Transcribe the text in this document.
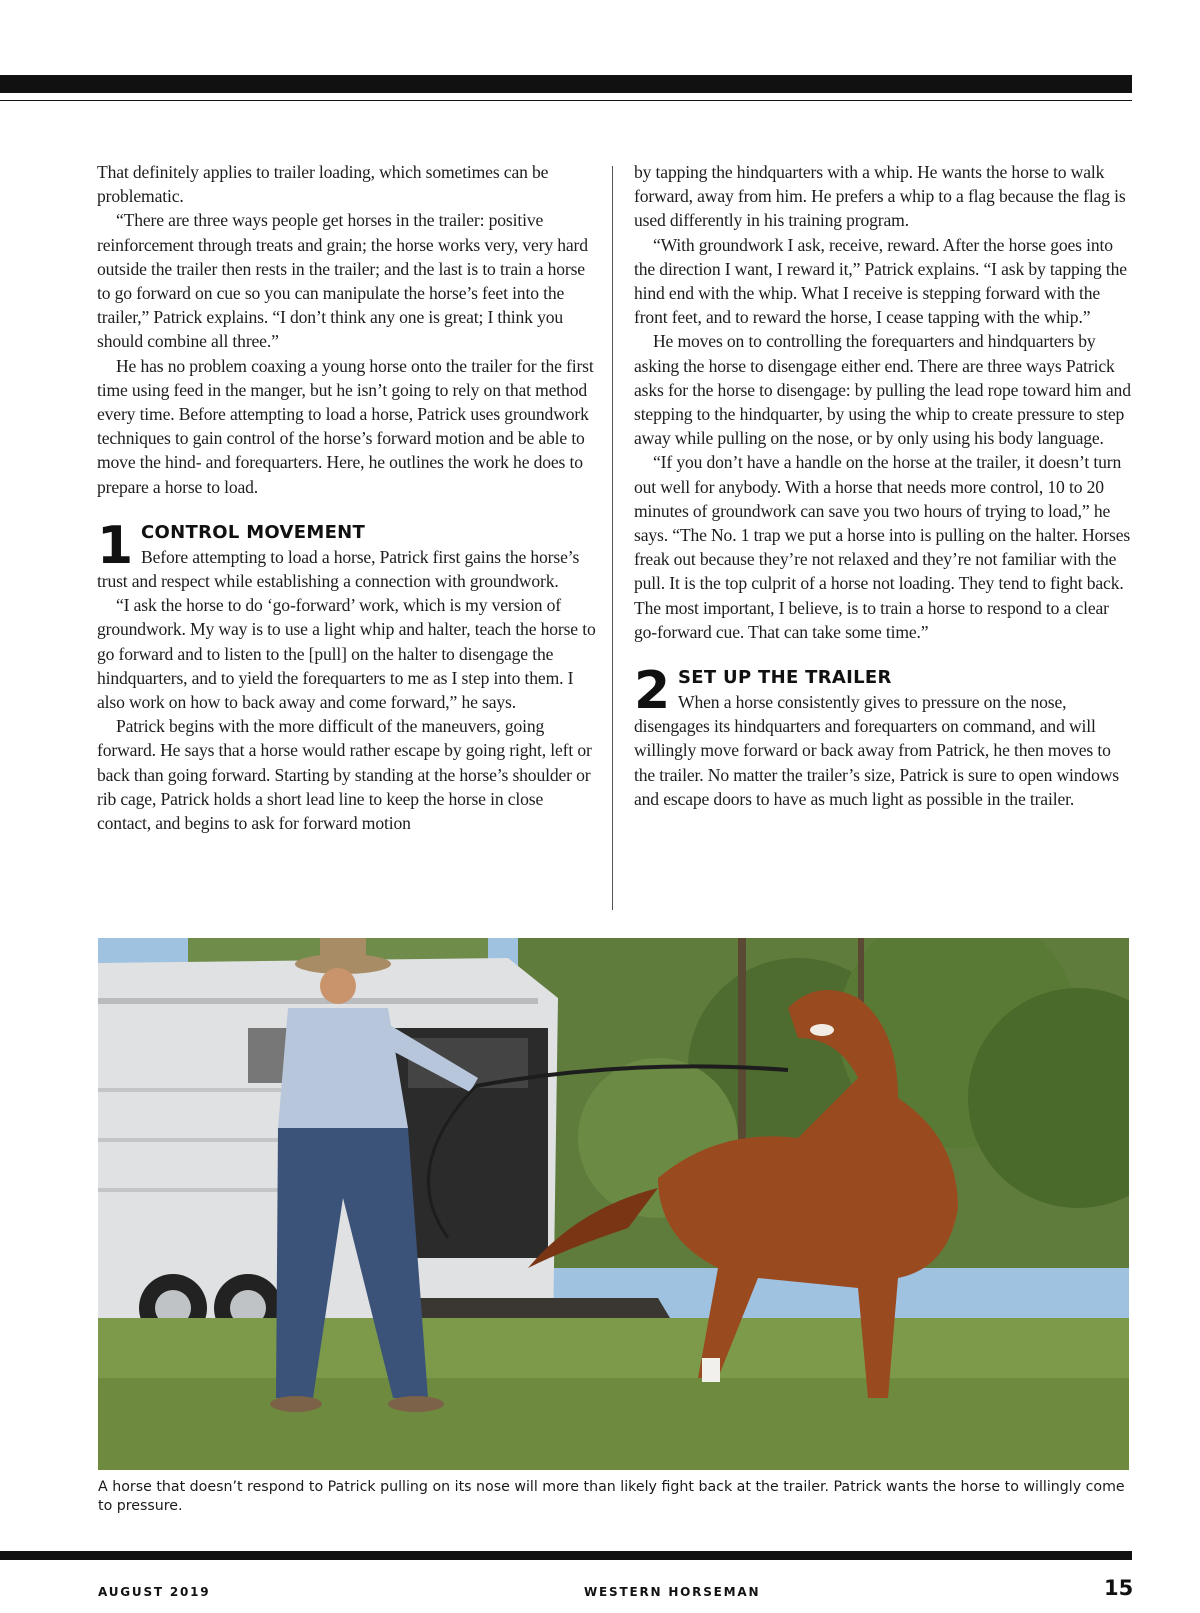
That definitely applies to trailer loading, which sometimes can be problematic.

“There are three ways people get horses in the trailer: positive reinforcement through treats and grain; the horse works very, very hard outside the trailer then rests in the trailer; and the last is to train a horse to go forward on cue so you can manipulate the horse’s feet into the trailer,” Patrick explains. “I don’t think any one is great; I think you should combine all three.”

He has no problem coaxing a young horse onto the trailer for the first time using feed in the manger, but he isn’t going to rely on that method every time. Before attempting to load a horse, Patrick uses groundwork techniques to gain control of the horse’s forward motion and be able to move the hind- and forequarters. Here, he outlines the work he does to prepare a horse to load.

1 CONTROL MOVEMENT

Before attempting to load a horse, Patrick first gains the horse’s trust and respect while establishing a connection with groundwork.

“I ask the horse to do ‘go-forward’ work, which is my version of groundwork. My way is to use a light whip and halter, teach the horse to go forward and to listen to the [pull] on the halter to disengage the hindquarters, and to yield the forequarters to me as I step into them. I also work on how to back away and come forward,” he says.

Patrick begins with the more difficult of the maneuvers, going forward. He says that a horse would rather escape by going right, left or back than going forward. Starting by standing at the horse’s shoulder or rib cage, Patrick holds a short lead line to keep the horse in close contact, and begins to ask for forward motion

by tapping the hindquarters with a whip. He wants the horse to walk forward, away from him. He prefers a whip to a flag because the flag is used differently in his training program.

“With groundwork I ask, receive, reward. After the horse goes into the direction I want, I reward it,” Patrick explains. “I ask by tapping the hind end with the whip. What I receive is stepping forward with the front feet, and to reward the horse, I cease tapping with the whip.”

He moves on to controlling the forequarters and hindquarters by asking the horse to disengage either end. There are three ways Patrick asks for the horse to disengage: by pulling the lead rope toward him and stepping to the hindquarter, by using the whip to create pressure to step away while pulling on the nose, or by only using his body language.

“If you don’t have a handle on the horse at the trailer, it doesn’t turn out well for anybody. With a horse that needs more control, 10 to 20 minutes of groundwork can save you two hours of trying to load,” he says. “The No. 1 trap we put a horse into is pulling on the halter. Horses freak out because they’re not relaxed and they’re not familiar with the pull. It is the top culprit of a horse not loading. They tend to fight back. The most important, I believe, is to train a horse to respond to a clear go-forward cue. That can take some time.”

2 SET UP THE TRAILER

When a horse consistently gives to pressure on the nose, disengages its hindquarters and forequarters on command, and will willingly move forward or back away from Patrick, he then moves to the trailer. No matter the trailer’s size, Patrick is sure to open windows and escape doors to have as much light as possible in the trailer.

A horse that doesn’t respond to Patrick pulling on its nose will more than likely fight back at the trailer. Patrick wants the horse to willingly come to pressure.
AUGUST 2019	WESTERN HORSEMAN	15
